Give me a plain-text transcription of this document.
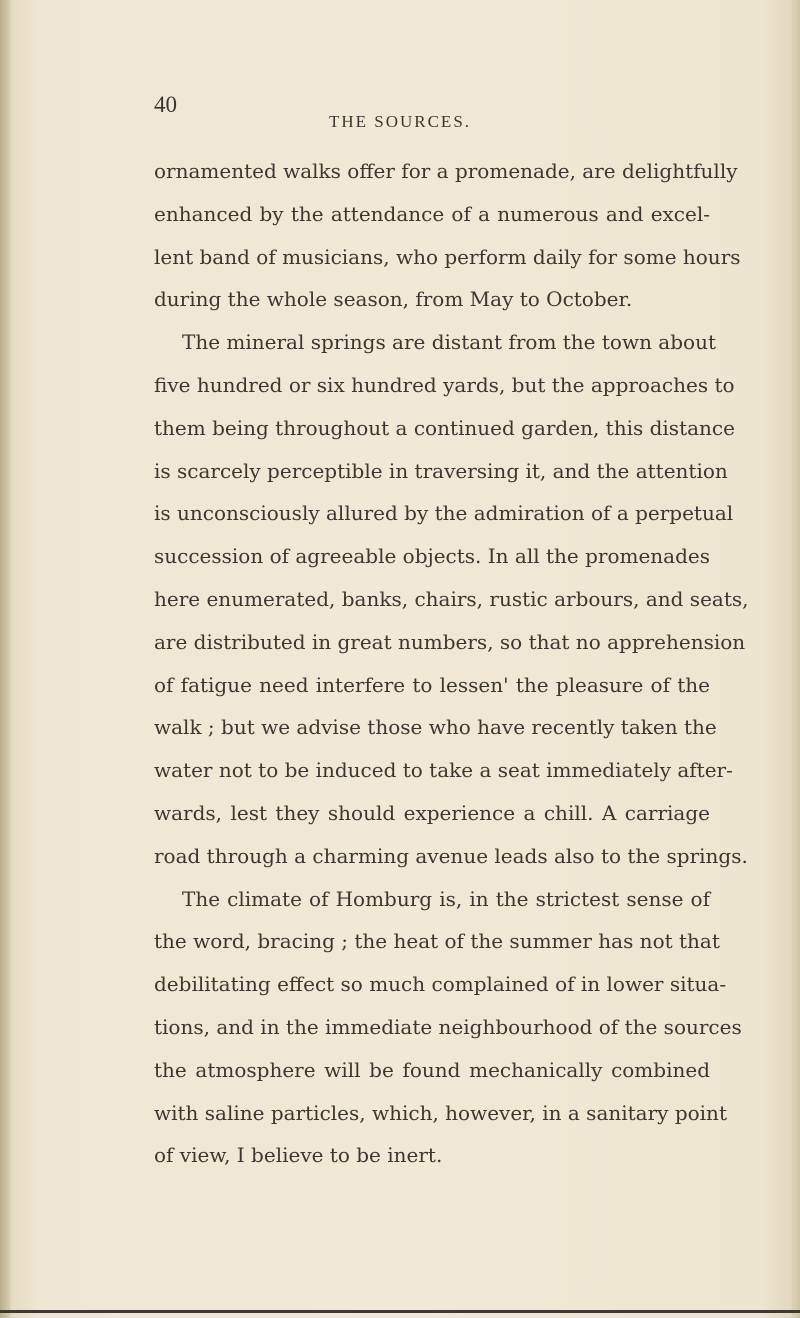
40
THE SOURCES.
ornamented walks offer for a promenade, are delightfully
enhanced by the attendance of a numerous and excel-
lent band of musicians, who perform daily for some hours
during the whole season, from May to October.
The mineral springs are distant from the town about
five hundred or six hundred yards, but the approaches to
them being throughout a continued garden, this distance
is scarcely perceptible in traversing it, and the attention
is unconsciously allured by the admiration of a perpetual
succession of agreeable objects. In all the promenades
here enumerated, banks, chairs, rustic arbours, and seats,
are distributed in great numbers, so that no apprehension
of fatigue need interfere to lessen' the pleasure of the
walk ; but we advise those who have recently taken the
water not to be induced to take a seat immediately after-
wards, lest they should experience a chill. A carriage
road through a charming avenue leads also to the springs.
The climate of Homburg is, in the strictest sense of
the word, bracing ; the heat of the summer has not that
debilitating effect so much complained of in lower situa-
tions, and in the immediate neighbourhood of the sources
the atmosphere will be found mechanically combined
with saline particles, which, however, in a sanitary point
of view, I believe to be inert.
